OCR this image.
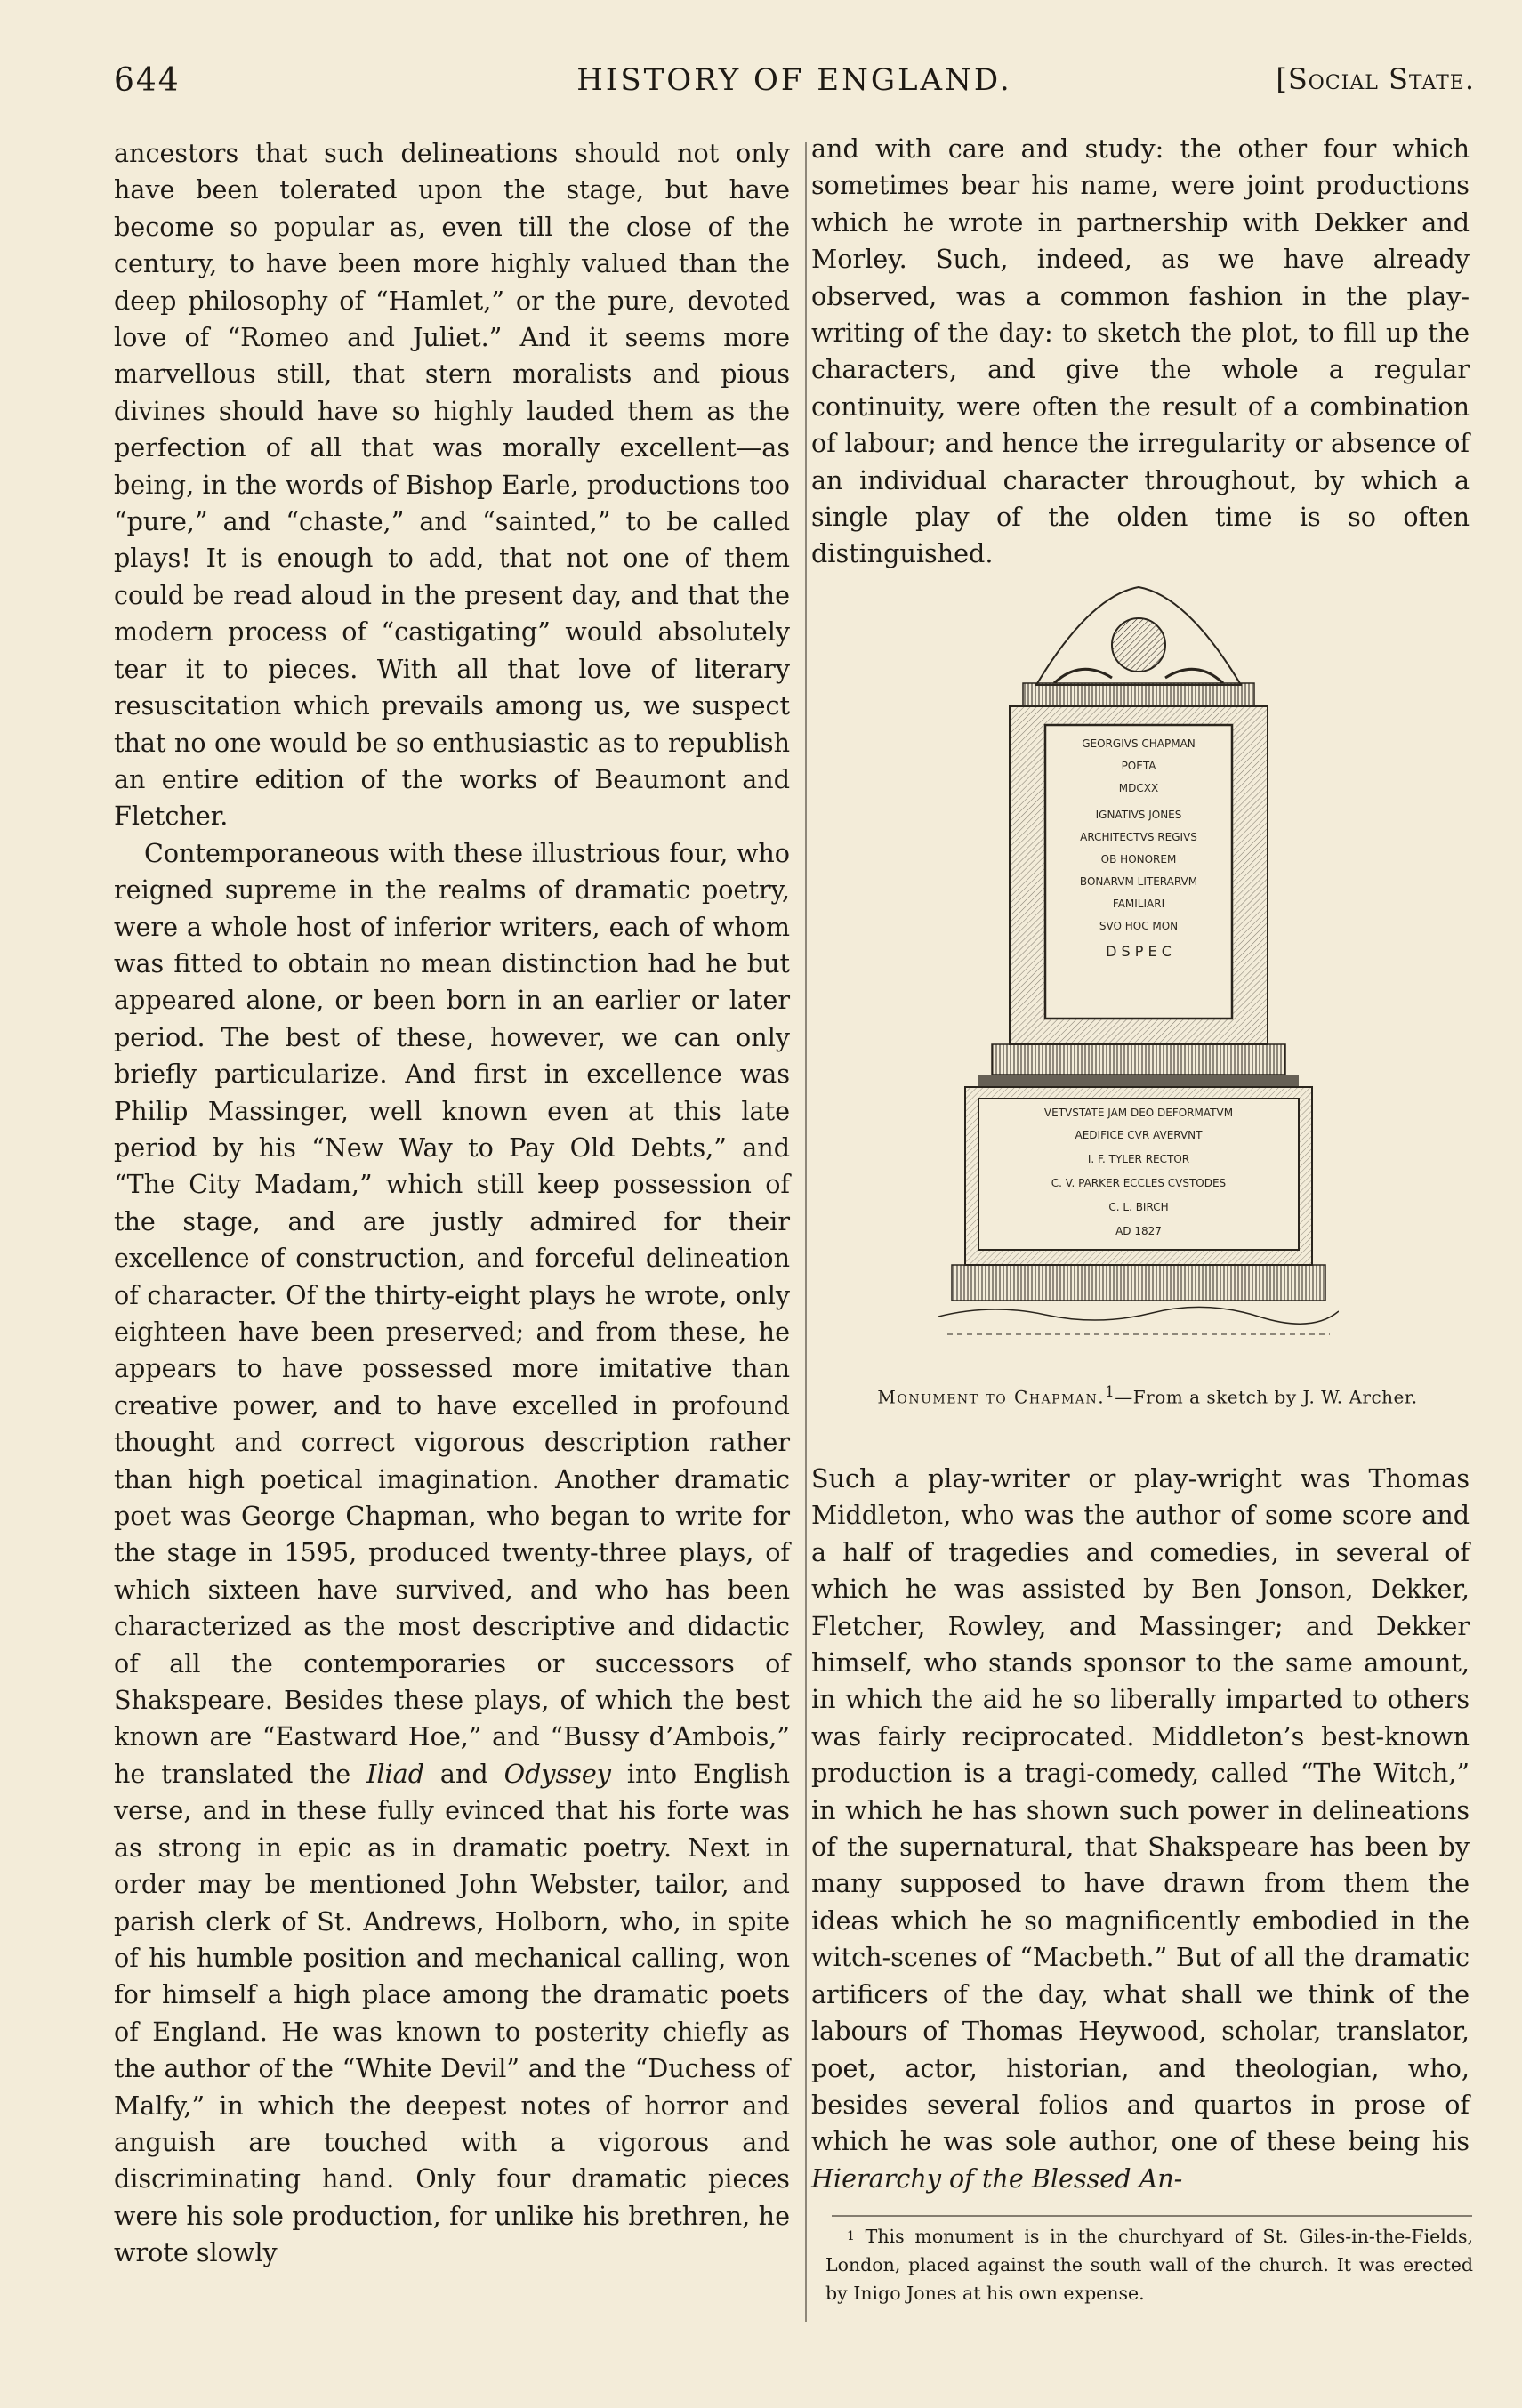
644	HISTORY OF ENGLAND.	[Social State.

ancestors that such delineations should not only have been tolerated upon the stage, but have become so popular as, even till the close of the century, to have been more highly valued than the deep philosophy of “Hamlet,” or the pure, devoted love of “Romeo and Juliet.” And it seems more marvellous still, that stern moralists and pious divines should have so highly lauded them as the perfection of all that was morally excellent—as being, in the words of Bishop Earle, productions too “pure,” and “chaste,” and “sainted,” to be called plays! It is enough to add, that not one of them could be read aloud in the present day, and that the modern process of “castigating” would absolutely tear it to pieces. With all that love of literary resuscitation which prevails among us, we suspect that no one would be so enthusiastic as to republish an entire edition of the works of Beaumont and Fletcher.

Contemporaneous with these illustrious four, who reigned supreme in the realms of dramatic poetry, were a whole host of inferior writers, each of whom was fitted to obtain no mean distinction had he but appeared alone, or been born in an earlier or later period. The best of these, however, we can only briefly particularize. And first in excellence was Philip Massinger, well known even at this late period by his “New Way to Pay Old Debts,” and “The City Madam,” which still keep possession of the stage, and are justly admired for their excellence of construction, and forceful delineation of character. Of the thirty-eight plays he wrote, only eighteen have been preserved; and from these, he appears to have possessed more imitative than creative power, and to have excelled in profound thought and correct vigorous description rather than high poetical imagination. Another dramatic poet was George Chapman, who began to write for the stage in 1595, produced twenty-three plays, of which sixteen have survived, and who has been characterized as the most descriptive and didactic of all the contemporaries or successors of Shakspeare. Besides these plays, of which the best known are “Eastward Hoe,” and “Bussy d’Ambois,” he translated the Iliad and Odyssey into English verse, and in these fully evinced that his forte was as strong in epic as in dramatic poetry. Next in order may be mentioned John Webster, tailor, and parish clerk of St. Andrews, Holborn, who, in spite of his humble position and mechanical calling, won for himself a high place among the dramatic poets of England. He was known to posterity chiefly as the author of the “White Devil” and the “Duchess of Malfy,” in which the deepest notes of horror and anguish are touched with a vigorous and discriminating hand. Only four dramatic pieces were his sole production, for unlike his brethren, he wrote slowly

and with care and study: the other four which sometimes bear his name, were joint productions which he wrote in partnership with Dekker and Morley. Such, indeed, as we have already observed, was a common fashion in the play-writing of the day: to sketch the plot, to fill up the characters, and give the whole a regular continuity, were often the result of a combination of labour; and hence the irregularity or absence of an individual character throughout, by which a single play of the olden time is so often distinguished.

GEORGIVS CHAPMAN
POETA
MDCXX
IGNATIVS JONES
ARCHITECTVS REGIVS
OB HONOREM
BONARVM LITERARVM
FAMILIARI
SVO HOC MON
D S P E C
VETVSTATE JAM DEO DEFORMATVM
AEDIFICE CVR AVERVNT
I. F. TYLER RECTOR
C. V. PARKER ECCLES CVSTODES
C. L. BIRCH
AD 1827
Monument to Chapman.$^1$—From a sketch by J. W. Archer.

Such a play-writer or play-wright was Thomas Middleton, who was the author of some score and a half of tragedies and comedies, in several of which he was assisted by Ben Jonson, Dekker, Fletcher, Rowley, and Massinger; and Dekker himself, who stands sponsor to the same amount, in which the aid he so liberally imparted to others was fairly reciprocated. Middleton’s best-known production is a tragi-comedy, called “The Witch,” in which he has shown such power in delineations of the supernatural, that Shakspeare has been by many supposed to have drawn from them the ideas which he so magnificently embodied in the witch-scenes of “Macbeth.” But of all the dramatic artificers of the day, what shall we think of the labours of Thomas Heywood, scholar, translator, poet, actor, historian, and theologian, who, besides several folios and quartos in prose of which he was sole author, one of these being his Hierarchy of the Blessed An-

$^1$ This monument is in the churchyard of St. Giles-in-the-Fields, London, placed against the south wall of the church. It was erected by Inigo Jones at his own expense.
